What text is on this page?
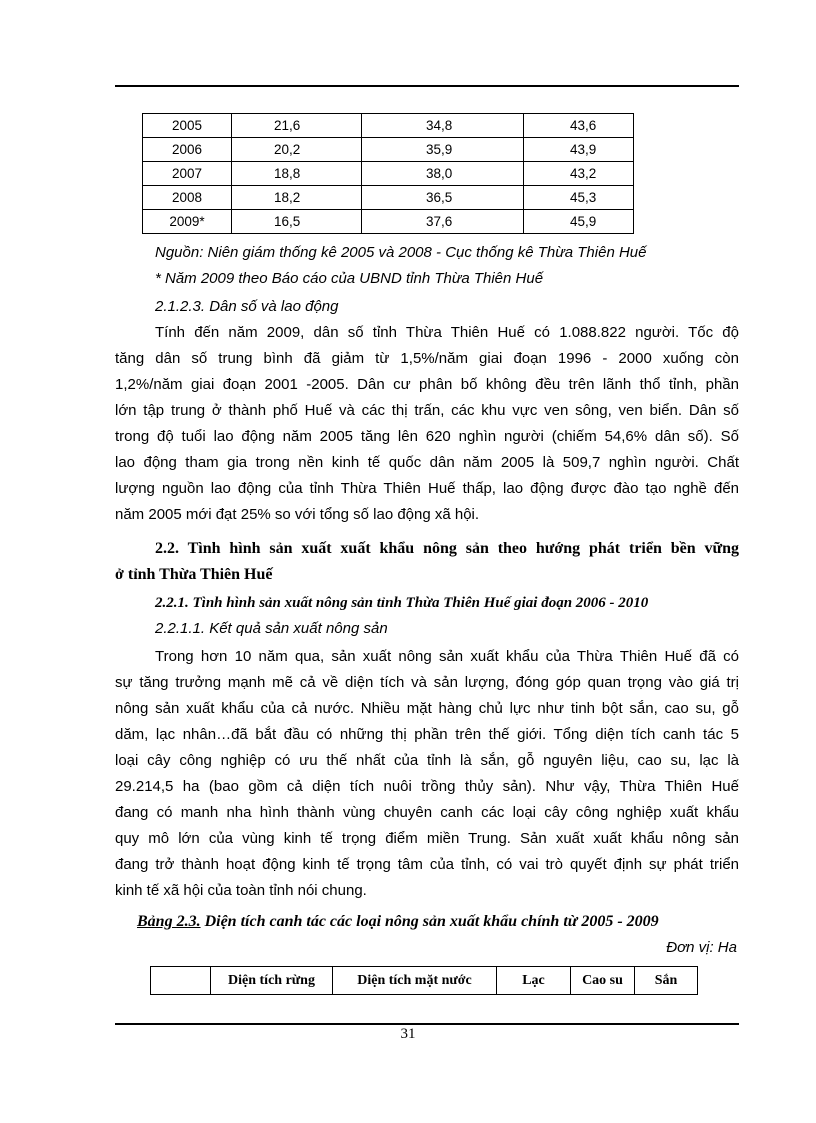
2005	21,6	34,8	43,6
2006	20,2	35,9	43,9
2007	18,8	38,0	43,2
2008	18,2	36,5	45,3
2009*	16,5	37,6	45,9
Nguồn: Niên giám thống kê 2005 và 2008 - Cục thống kê Thừa Thiên Huế
* Năm 2009 theo Báo cáo của UBND tỉnh Thừa Thiên Huế
2.1.2.3. Dân số và lao động
Tính đến năm 2009, dân số tỉnh Thừa Thiên Huế có 1.088.822 người. Tốc độ
tăng dân số trung bình đã giảm từ 1,5%/năm giai đoạn 1996 - 2000 xuống còn
1,2%/năm giai đoạn 2001 -2005. Dân cư phân bố không đều trên lãnh thổ tỉnh, phần
lớn tập trung ở thành phố Huế và các thị trấn, các khu vực ven sông, ven biển. Dân số
trong độ tuổi lao động năm 2005 tăng lên 620 nghìn người (chiếm 54,6% dân số). Số
lao động tham gia trong nền kinh tế quốc dân năm 2005 là 509,7 nghìn người. Chất
lượng nguồn lao động của tỉnh Thừa Thiên Huế thấp, lao động được đào tạo nghề đến
năm 2005 mới đạt 25% so với tổng số lao động xã hội.
2.2. Tình hình sản xuất xuất khẩu nông sản theo hướng phát triển bền vững
ở tỉnh Thừa Thiên Huế
2.2.1. Tình hình sản xuất nông sản tỉnh Thừa Thiên Huế giai đoạn 2006 - 2010
2.2.1.1. Kết quả sản xuất nông sản
Trong hơn 10 năm qua, sản xuất nông sản xuất khẩu của Thừa Thiên Huế đã có
sự tăng trưởng mạnh mẽ cả về diện tích và sản lượng, đóng góp quan trọng vào giá trị
nông sản xuất khẩu của cả nước. Nhiều mặt hàng chủ lực như tinh bột sắn, cao su, gỗ
dăm, lạc nhân…đã bắt đầu có những thị phần trên thế giới. Tổng diện tích canh tác 5
loại cây công nghiệp có ưu thế nhất của tỉnh là sắn, gỗ nguyên liệu, cao su, lạc là
29.214,5 ha (bao gồm cả diện tích nuôi trồng thủy sản). Như vậy, Thừa Thiên Huế
đang có manh nha hình thành vùng chuyên canh các loại cây công nghiệp xuất khẩu
quy mô lớn của vùng kinh tế trọng điểm miền Trung. Sản xuất xuất khẩu nông sản
đang trở thành hoạt động kinh tế trọng tâm của tỉnh, có vai trò quyết định sự phát triển
kinh tế xã hội của toàn tỉnh nói chung.
Bảng 2.3. Diện tích canh tác các loại nông sản xuất khẩu chính từ 2005 - 2009
Đơn vị: Ha
	Diện tích rừng	Diện tích mặt nước	Lạc	Cao su	Sắn
31
